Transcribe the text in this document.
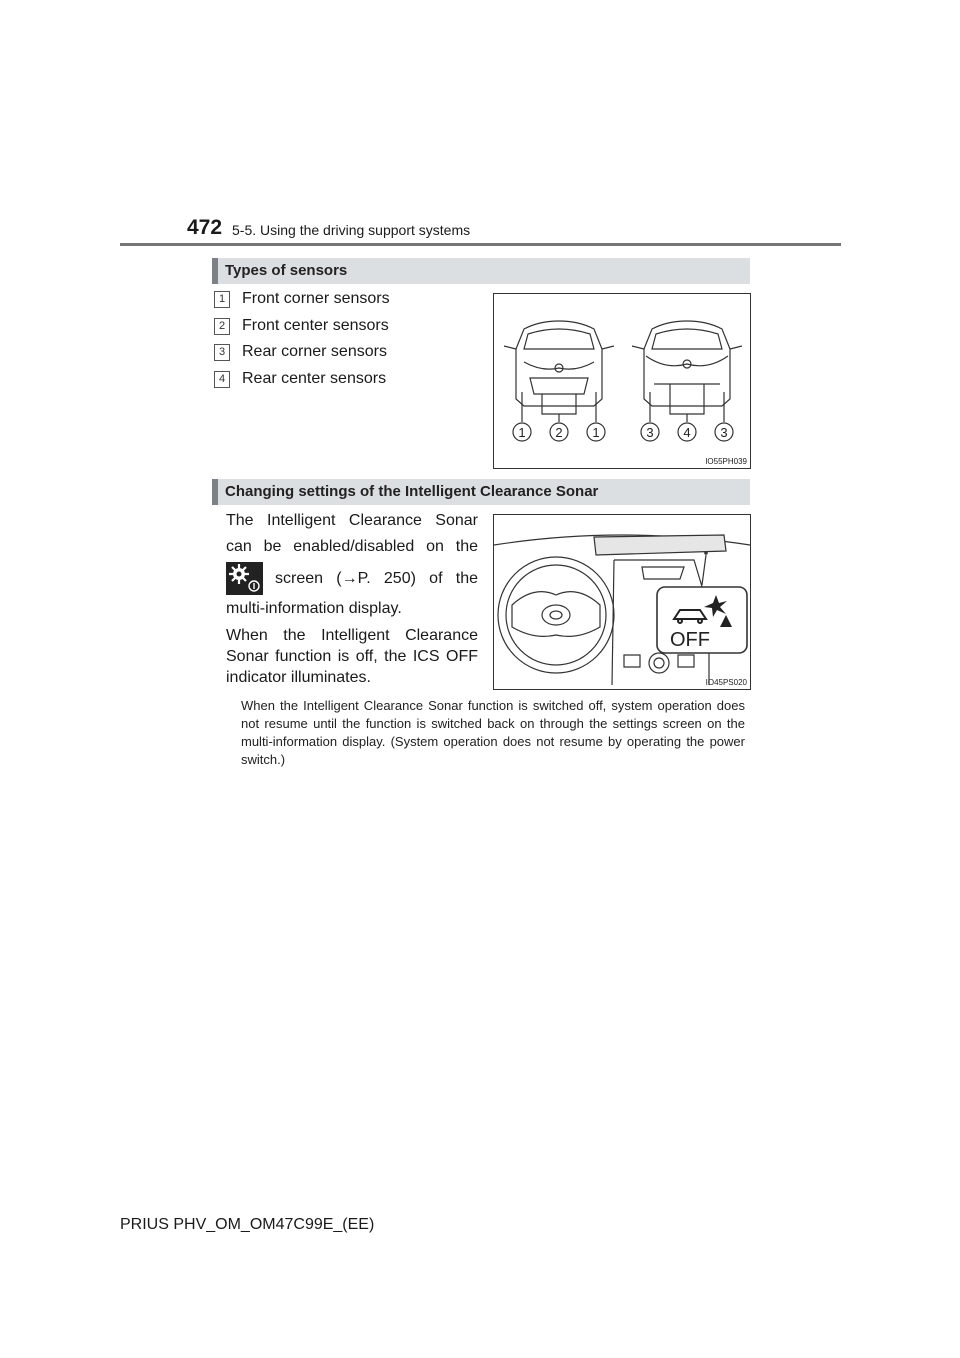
472 5-5. Using the driving support systems
Types of sensors
1	Front corner sensors
2	Front center sensors
3	Rear corner sensors
4	Rear center sensors
1 2 1	3 4 3
IO55PH039
Changing settings of the Intelligent Clearance Sonar
The Intelligent Clearance Sonar
can be enabled/disabled on the
screen (→P. 250) of the
multi-information display.
When the Intelligent Clearance
Sonar function is off, the ICS OFF
indicator illuminates.
OFF
IO45PS020
When the Intelligent Clearance Sonar function is switched off, system operation does not resume until the function is switched back on through the settings screen on the multi-information display. (System operation does not resume by operating the power switch.)
PRIUS PHV_OM_OM47C99E_(EE)
